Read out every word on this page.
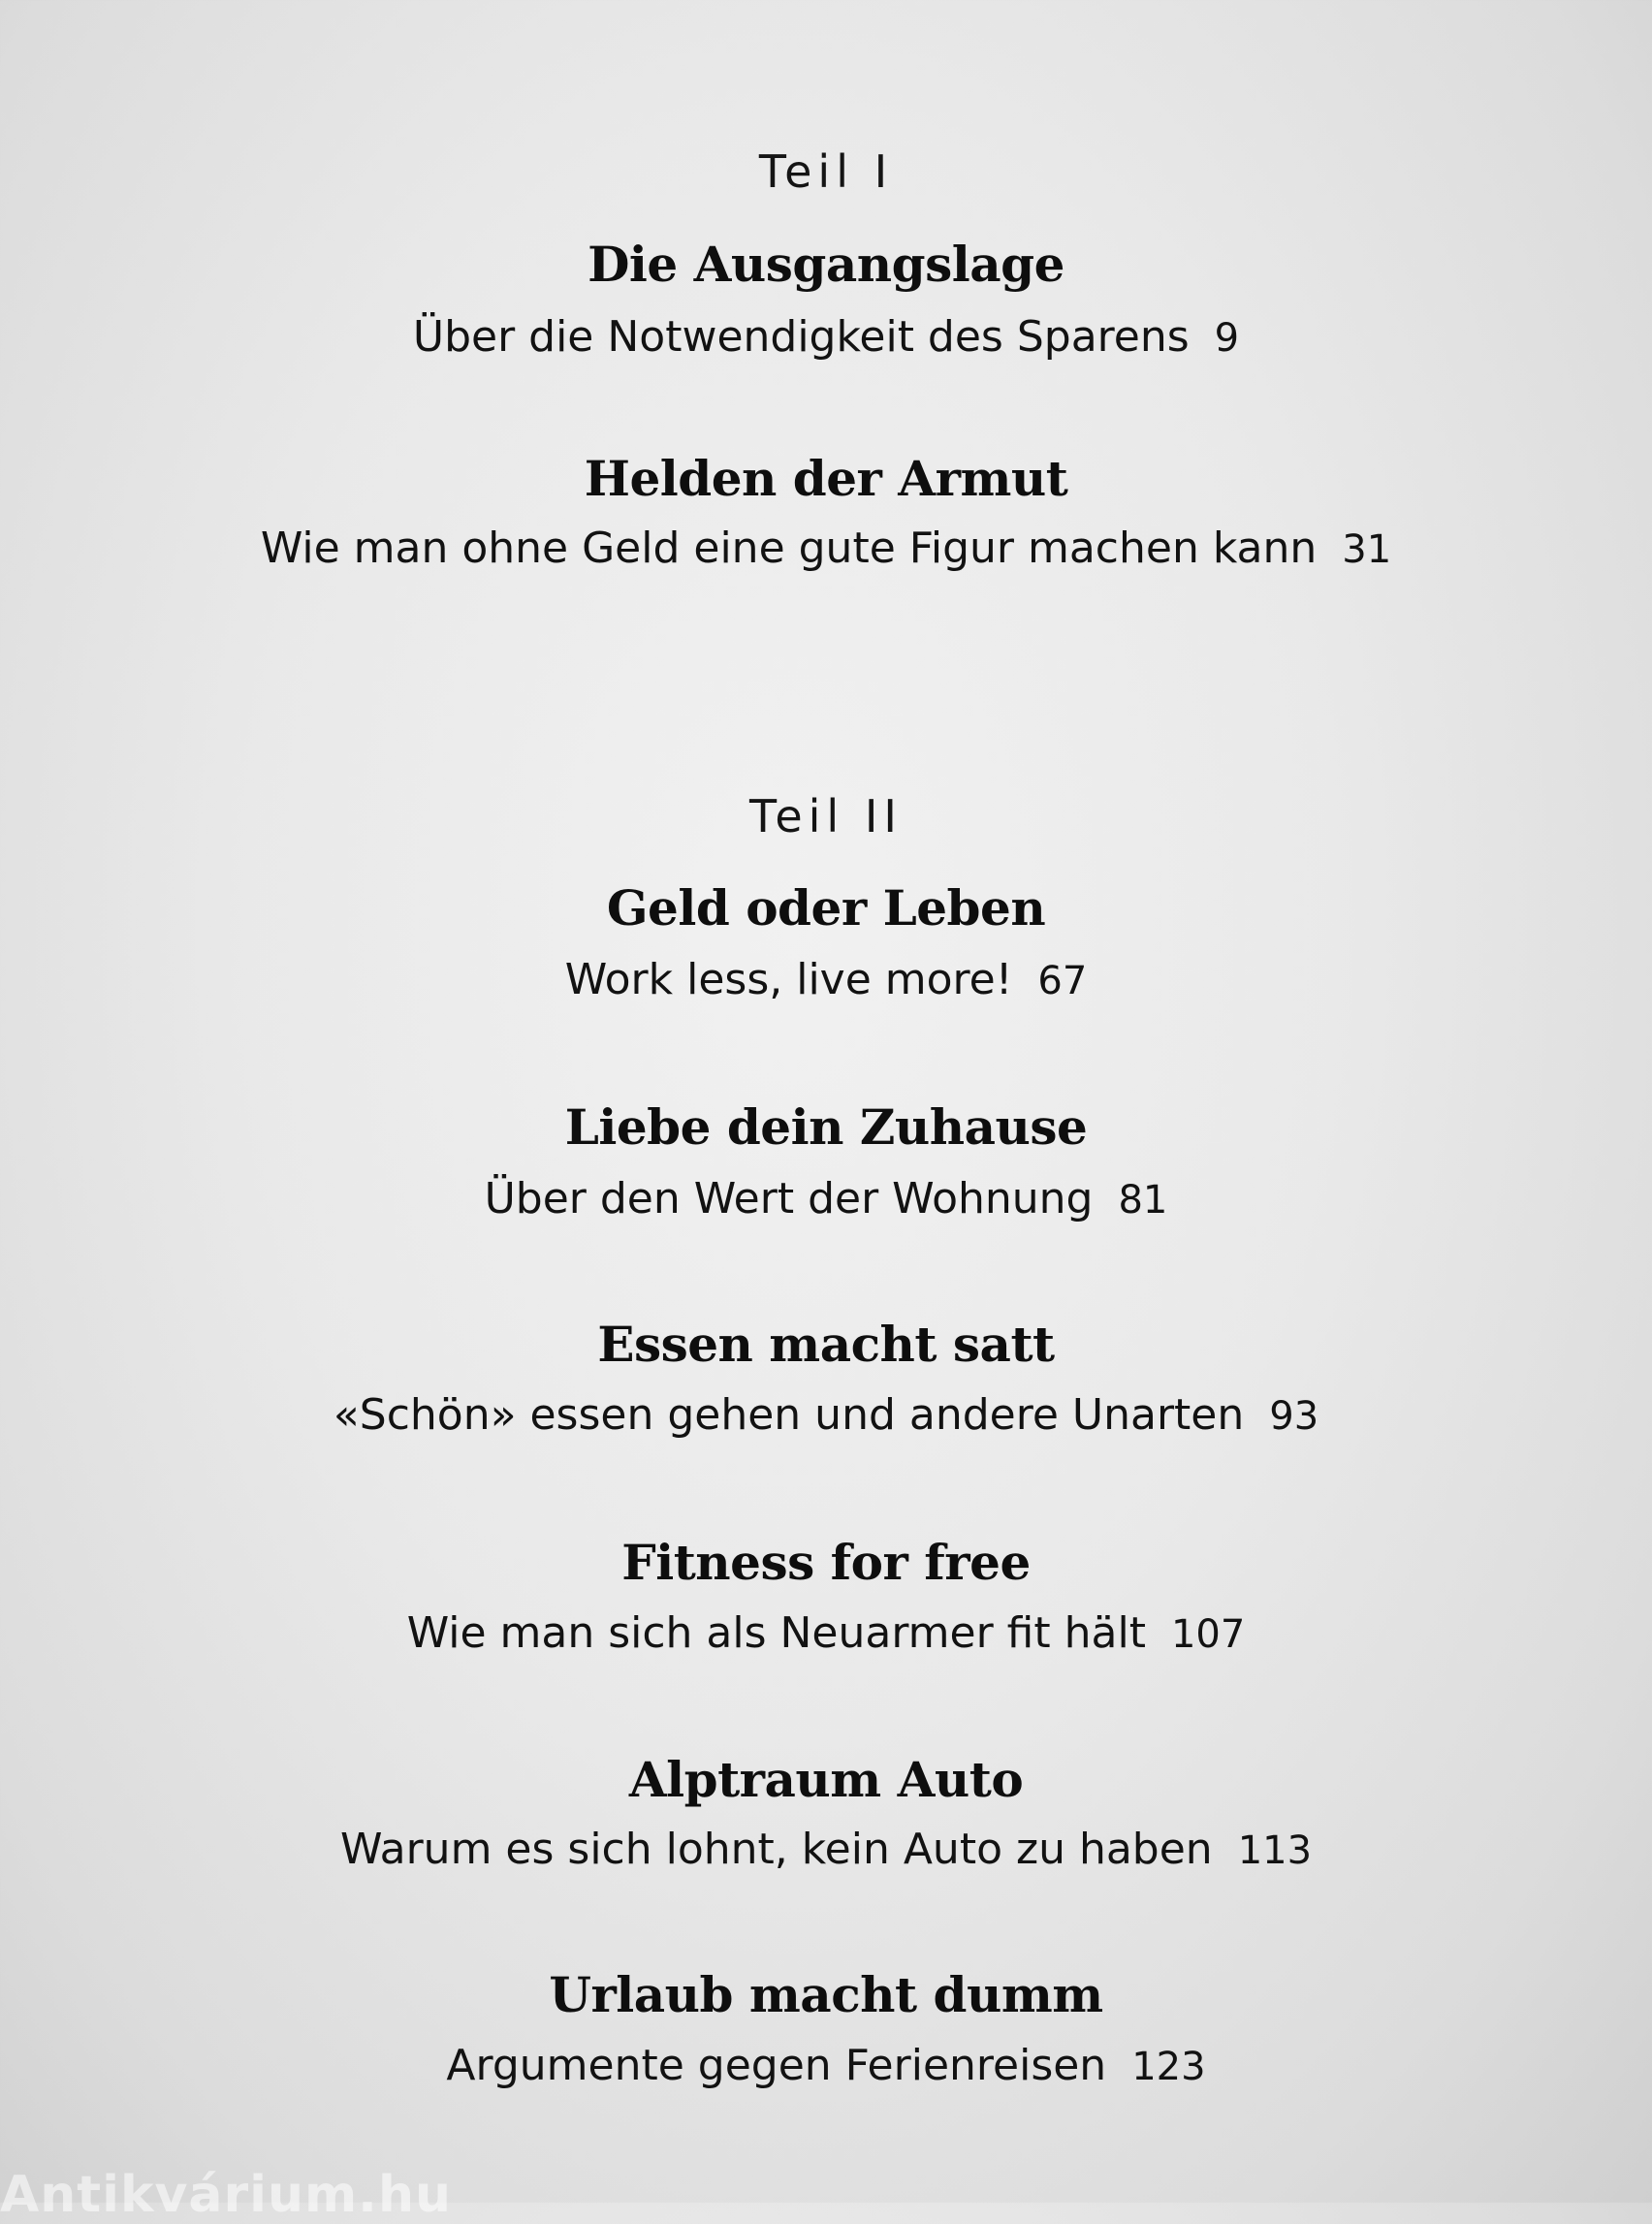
Teil I
Die Ausgangslage
Über die Notwendigkeit des Sparens 9
Helden der Armut
Wie man ohne Geld eine gute Figur machen kann 31
Teil II
Geld oder Leben
Work less, live more! 67
Liebe dein Zuhause
Über den Wert der Wohnung 81
Essen macht satt
«Schön» essen gehen und andere Unarten 93
Fitness for free
Wie man sich als Neuarmer fit hält 107
Alptraum Auto
Warum es sich lohnt, kein Auto zu haben 113
Urlaub macht dumm
Argumente gegen Ferienreisen 123
Antikvárium.hu
